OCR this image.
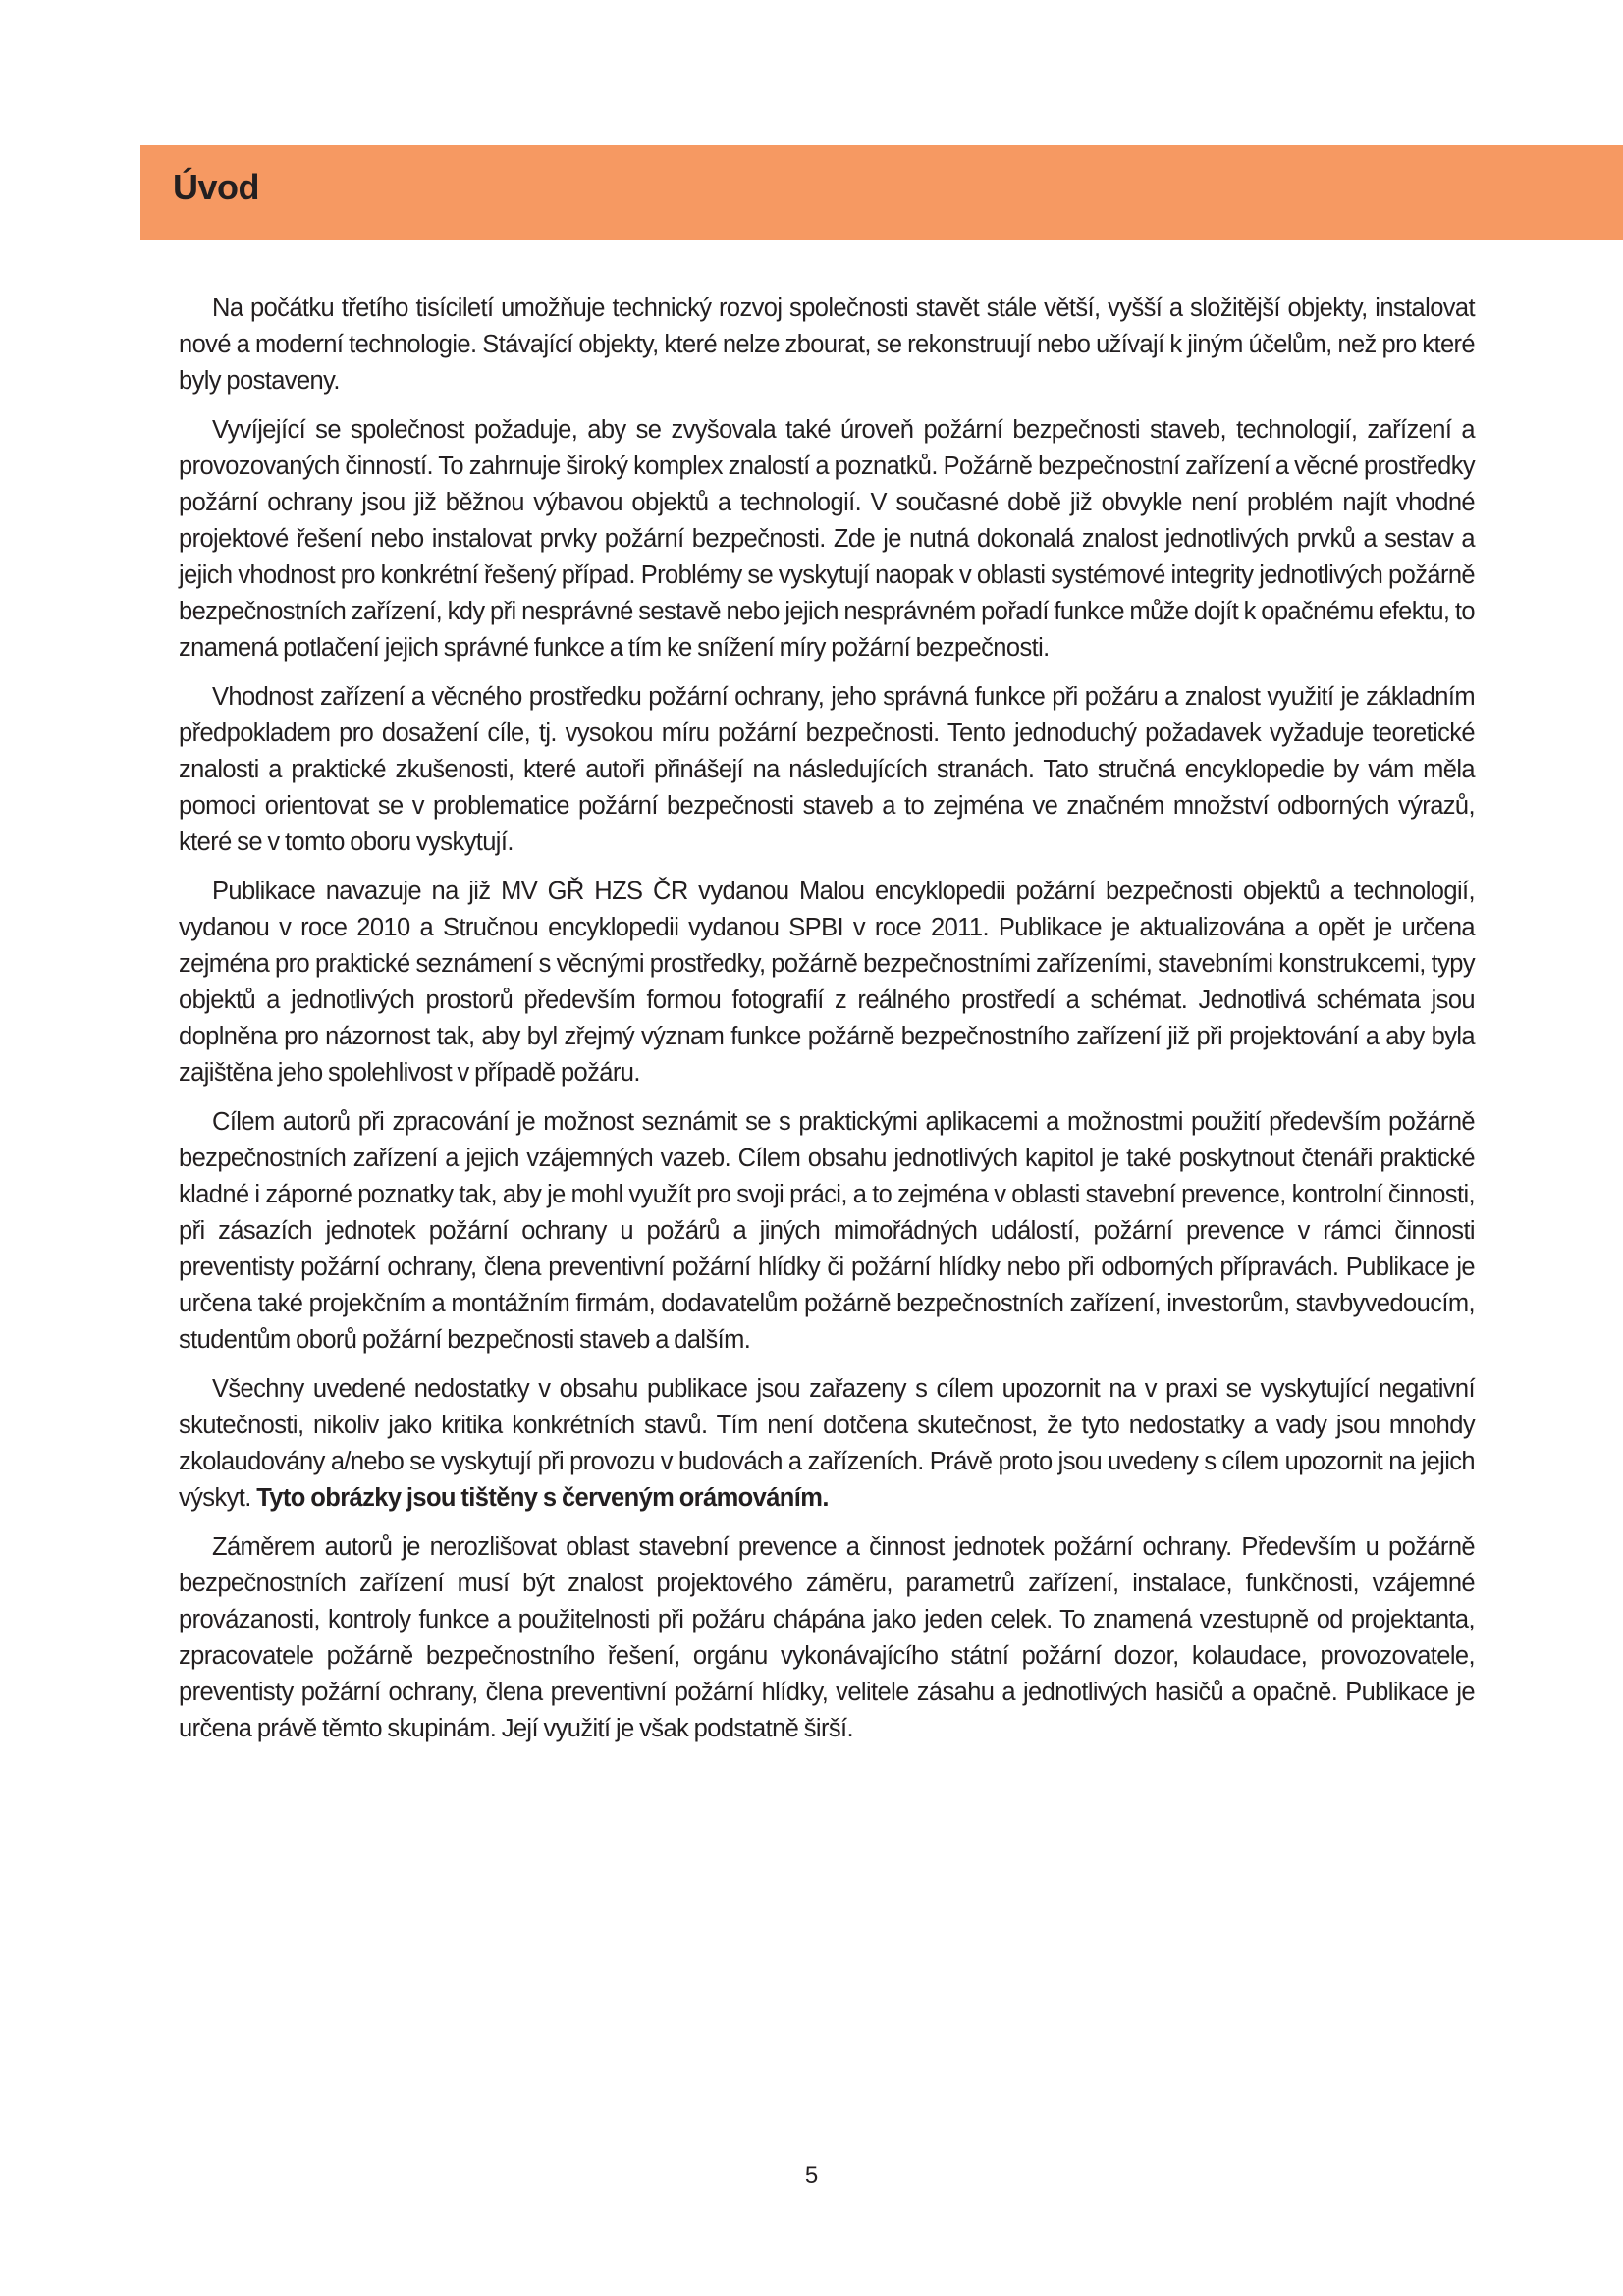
Úvod

Na počátku třetího tisíciletí umožňuje technický rozvoj společnosti stavět stále větší, vyšší a složitější objekty, instalovat nové a moderní technologie. Stávající objekty, které nelze zbourat, se rekonstruují nebo užívají k jiným účelům, než pro které byly postaveny.

Vyvíjející se společnost požaduje, aby se zvyšovala také úroveň požární bezpečnosti staveb, technologií, zařízení a provozovaných činností. To zahrnuje široký komplex znalostí a poznatků. Požárně bezpečnostní zařízení a věcné prostředky požární ochrany jsou již běžnou výbavou objektů a technologií. V současné době již obvykle není problém najít vhodné projektové řešení nebo instalovat prvky požární bezpečnosti. Zde je nutná dokonalá znalost jednotlivých prvků a sestav a jejich vhodnost pro konkrétní řešený případ. Problémy se vyskytují naopak v oblasti systémové integrity jednotlivých požárně bezpečnostních zařízení, kdy při nesprávné sestavě nebo jejich nesprávném pořadí funkce může dojít k opačnému efektu, to znamená potlačení jejich správné funkce a tím ke snížení míry požární bezpečnosti.

Vhodnost zařízení a věcného prostředku požární ochrany, jeho správná funkce při požáru a znalost využití je základním předpokladem pro dosažení cíle, tj. vysokou míru požární bezpečnosti. Tento jednoduchý požadavek vyžaduje teoretické znalosti a praktické zkušenosti, které autoři přinášejí na následujících stranách. Tato stručná encyklopedie by vám měla pomoci orientovat se v problematice požární bezpečnosti staveb a to zejména ve značném množství odborných výrazů, které se v tomto oboru vyskytují.

Publikace navazuje na již MV GŘ HZS ČR vydanou Malou encyklopedii požární bezpečnosti objektů a technologií, vydanou v roce 2010 a Stručnou encyklopedii vydanou SPBI v roce 2011. Publikace je aktualizována a opět je určena zejména pro praktické seznámení s věcnými prostředky, požárně bezpečnostními zařízeními, stavebními konstrukcemi, typy objektů a jednotlivých prostorů především formou fotografií z reálného prostředí a schémat. Jednotlivá schémata jsou doplněna pro názornost tak, aby byl zřejmý význam funkce požárně bezpečnostního zařízení již při projektování a aby byla zajištěna jeho spolehlivost v případě požáru.

Cílem autorů při zpracování je možnost seznámit se s praktickými aplikacemi a možnostmi použití především požárně bezpečnostních zařízení a jejich vzájemných vazeb. Cílem obsahu jednotlivých kapitol je také poskytnout čtenáři praktické kladné i záporné poznatky tak, aby je mohl využít pro svoji práci, a to zejména v oblasti stavební prevence, kontrolní činnosti, při zásazích jednotek požární ochrany u požárů a jiných mimořádných událostí, požární prevence v rámci činnosti preventisty požární ochrany, člena preventivní požární hlídky či požární hlídky nebo při odborných přípravách. Publikace je určena také projekčním a montážním firmám, dodavatelům požárně bezpečnostních zařízení, investorům, stavbyvedoucím, studentům oborů požární bezpečnosti staveb a dalším.

Všechny uvedené nedostatky v obsahu publikace jsou zařazeny s cílem upozornit na v praxi se vyskytující negativní skutečnosti, nikoliv jako kritika konkrétních stavů. Tím není dotčena skutečnost, že tyto nedostatky a vady jsou mnohdy zkolaudovány a/nebo se vyskytují při provozu v budovách a zařízeních. Právě proto jsou uvedeny s cílem upozornit na jejich výskyt. Tyto obrázky jsou tištěny s červeným orámováním.

Záměrem autorů je nerozlišovat oblast stavební prevence a činnost jednotek požární ochrany. Především u požárně bezpečnostních zařízení musí být znalost projektového záměru, parametrů zařízení, instalace, funkčnosti, vzájemné provázanosti, kontroly funkce a použitelnosti při požáru chápána jako jeden celek. To znamená vzestupně od projektanta, zpracovatele požárně bezpečnostního řešení, orgánu vykonávajícího státní požární dozor, kolaudace, provozovatele, preventisty požární ochrany, člena preventivní požární hlídky, velitele zásahu a jednotlivých hasičů a opačně. Publikace je určena právě těmto skupinám. Její využití je však podstatně širší.

5
